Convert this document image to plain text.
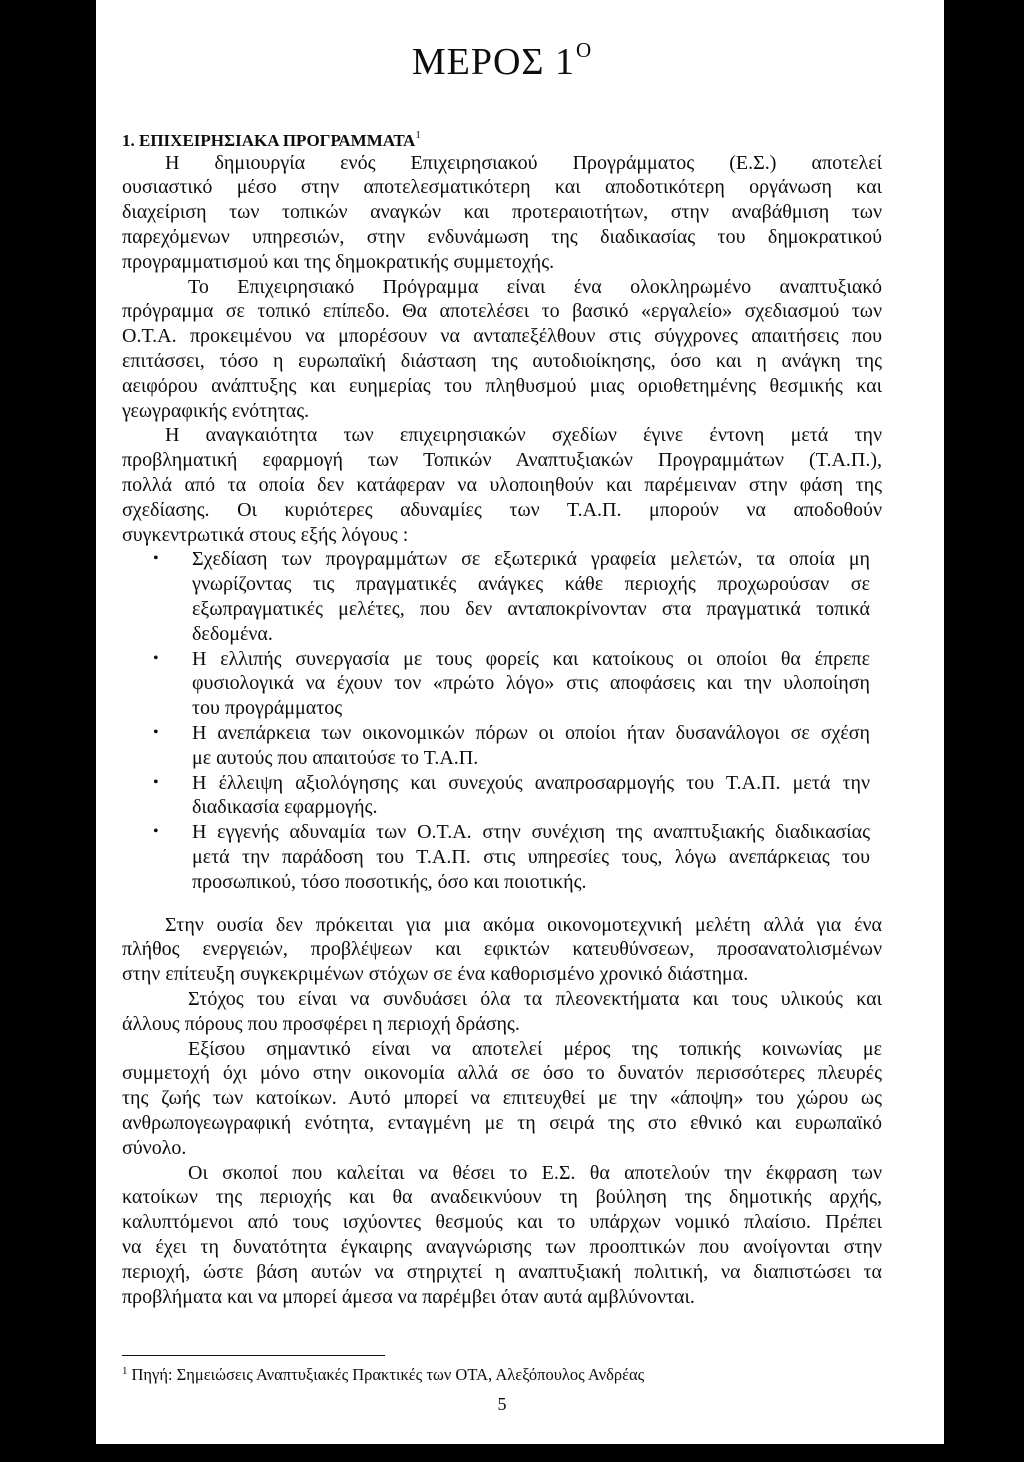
ΜΕΡΟΣ $1^O$
1. ΕΠΙΧΕΙΡΗΣΙΑΚΑ ΠΡΟΓΡΑΜΜΑΤΑ$^1$
Η δημιουργία ενός Επιχειρησιακού Προγράμματος (Ε.Σ.) αποτελεί
ουσιαστικό μέσο στην αποτελεσματικότερη και αποδοτικότερη οργάνωση και
διαχείριση των τοπικών αναγκών και προτεραιοτήτων, στην αναβάθμιση των
παρεχόμενων υπηρεσιών, στην ενδυνάμωση της διαδικασίας του δημοκρατικού
προγραμματισμού και της δημοκρατικής συμμετοχής.
Το Επιχειρησιακό Πρόγραμμα είναι ένα ολοκληρωμένο αναπτυξιακό
πρόγραμμα σε τοπικό επίπεδο. Θα αποτελέσει το βασικό «εργαλείο» σχεδιασμού των
Ο.Τ.Α. προκειμένου να μπορέσουν να ανταπεξέλθουν στις σύγχρονες απαιτήσεις που
επιτάσσει, τόσο η ευρωπαϊκή διάσταση της αυτοδιοίκησης, όσο και η ανάγκη της
αειφόρου ανάπτυξης και ευημερίας του πληθυσμού μιας οριοθετημένης θεσμικής και
γεωγραφικής ενότητας.
Η αναγκαιότητα των επιχειρησιακών σχεδίων έγινε έντονη μετά την
προβληματική εφαρμογή των Τοπικών Αναπτυξιακών Προγραμμάτων (Τ.Α.Π.),
πολλά από τα οποία δεν κατάφεραν να υλοποιηθούν και παρέμειναν στην φάση της
σχεδίασης. Οι κυριότερες αδυναμίες των Τ.Α.Π. μπορούν να αποδοθούν
συγκεντρωτικά στους εξής λόγους :
• Σχεδίαση των προγραμμάτων σε εξωτερικά γραφεία μελετών, τα οποία μη
γνωρίζοντας τις πραγματικές ανάγκες κάθε περιοχής προχωρούσαν σε
εξωπραγματικές μελέτες, που δεν ανταποκρίνονταν στα πραγματικά τοπικά
δεδομένα.
• Η ελλιπής συνεργασία με τους φορείς και κατοίκους οι οποίοι θα έπρεπε
φυσιολογικά να έχουν τον «πρώτο λόγο» στις αποφάσεις και την υλοποίηση
του προγράμματος
• Η ανεπάρκεια των οικονομικών πόρων οι οποίοι ήταν δυσανάλογοι σε σχέση
με αυτούς που απαιτούσε το Τ.Α.Π.
• Η έλλειψη αξιολόγησης και συνεχούς αναπροσαρμογής του Τ.Α.Π. μετά την
διαδικασία εφαρμογής.
• Η εγγενής αδυναμία των Ο.Τ.Α. στην συνέχιση της αναπτυξιακής διαδικασίας
μετά την παράδοση του Τ.Α.Π. στις υπηρεσίες τους, λόγω ανεπάρκειας του
προσωπικού, τόσο ποσοτικής, όσο και ποιοτικής.
Στην ουσία δεν πρόκειται για μια ακόμα οικονομοτεχνική μελέτη αλλά για ένα
πλήθος ενεργειών, προβλέψεων και εφικτών κατευθύνσεων, προσανατολισμένων
στην επίτευξη συγκεκριμένων στόχων σε ένα καθορισμένο χρονικό διάστημα.
Στόχος του είναι να συνδυάσει όλα τα πλεονεκτήματα και τους υλικούς και
άλλους πόρους που προσφέρει η περιοχή δράσης.
Εξίσου σημαντικό είναι να αποτελεί μέρος της τοπικής κοινωνίας με
συμμετοχή όχι μόνο στην οικονομία αλλά σε όσο το δυνατόν περισσότερες πλευρές
της ζωής των κατοίκων. Αυτό μπορεί να επιτευχθεί με την «άποψη» του χώρου ως
ανθρωπογεωγραφική ενότητα, ενταγμένη με τη σειρά της στο εθνικό και ευρωπαϊκό
σύνολο.
Οι σκοποί που καλείται να θέσει το Ε.Σ. θα αποτελούν την έκφραση των
κατοίκων της περιοχής και θα αναδεικνύουν τη βούληση της δημοτικής αρχής,
καλυπτόμενοι από τους ισχύοντες θεσμούς και το υπάρχων νομικό πλαίσιο. Πρέπει
να έχει τη δυνατότητα έγκαιρης αναγνώρισης των προοπτικών που ανοίγονται στην
περιοχή, ώστε βάση αυτών να στηριχτεί η αναπτυξιακή πολιτική, να διαπιστώσει τα
προβλήματα και να μπορεί άμεσα να παρέμβει όταν αυτά αμβλύνονται.
$^1$ Πηγή: Σημειώσεις Αναπτυξιακές Πρακτικές των ΟΤΑ, Αλεξόπουλος Ανδρέας
5
